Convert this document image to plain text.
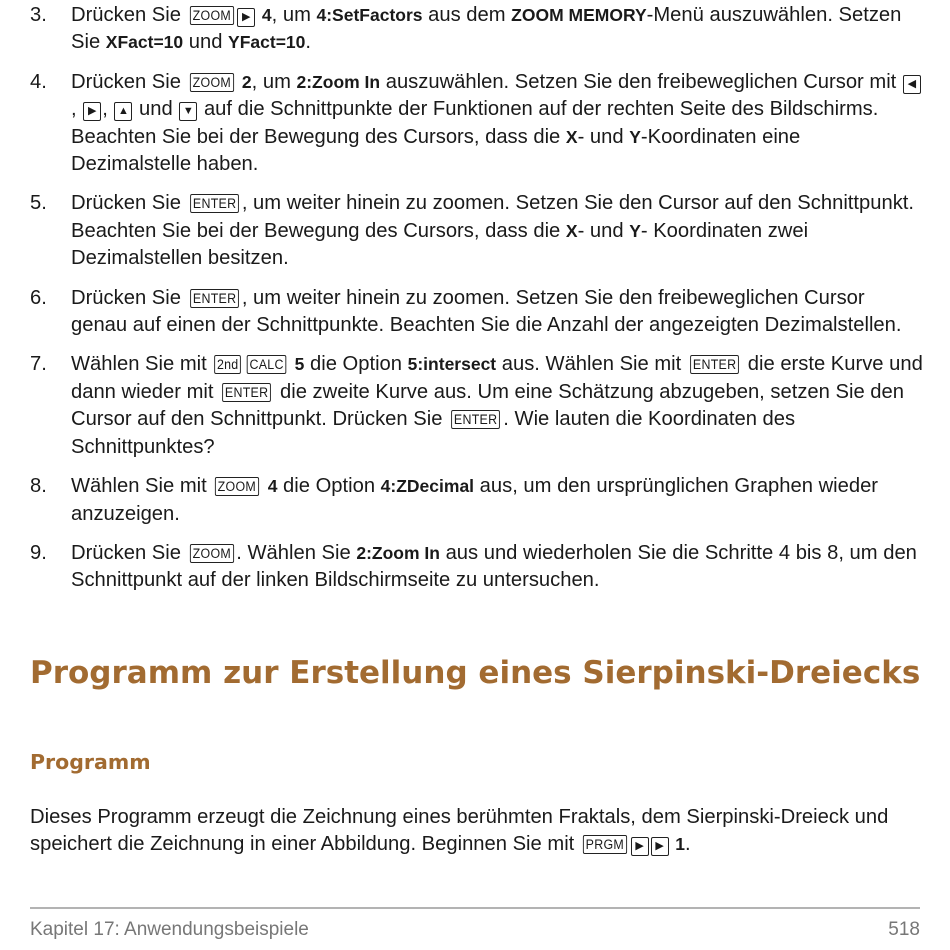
3. Drücken Sie ZOOM ▶ 4, um 4:SetFactors aus dem ZOOM MEMORY-Menü auszuwählen. Setzen Sie XFact=10 und YFact=10.
4. Drücken Sie ZOOM 2, um 2:Zoom In auszuwählen. Setzen Sie den freibeweglichen Cursor mit ◀, ▶ , ▲ und ▼ auf die Schnittpunkte der Funktionen auf der rechten Seite des Bildschirms. Beachten Sie bei der Bewegung des Cursors, dass die X- und Y-Koordinaten eine Dezimalstelle haben.
5. Drücken Sie ENTER , um weiter hinein zu zoomen. Setzen Sie den Cursor auf den Schnittpunkt. Beachten Sie bei der Bewegung des Cursors, dass die X- und Y- Koordinaten zwei Dezimalstellen besitzen.
6. Drücken Sie ENTER , um weiter hinein zu zoomen. Setzen Sie den freibeweglichen Cursor genau auf einen der Schnittpunkte. Beachten Sie die Anzahl der angezeigten Dezimalstellen.
7. Wählen Sie mit 2nd CALC 5 die Option 5:intersect aus. Wählen Sie mit ENTER die erste Kurve und dann wieder mit ENTER die zweite Kurve aus. Um eine Schätzung abzugeben, setzen Sie den Cursor auf den Schnittpunkt. Drücken Sie ENTER . Wie lauten die Koordinaten des Schnittpunktes?
8. Wählen Sie mit ZOOM 4 die Option 4:ZDecimal aus, um den ursprünglichen Graphen wieder anzuzeigen.
9. Drücken Sie ZOOM . Wählen Sie 2:Zoom In aus und wiederholen Sie die Schritte 4 bis 8, um den Schnittpunkt auf der linken Bildschirmseite zu untersuchen.
Programm zur Erstellung eines Sierpinski-Dreiecks
Programm
Dieses Programm erzeugt die Zeichnung eines berühmten Fraktals, dem Sierpinski-Dreieck und speichert die Zeichnung in einer Abbildung. Beginnen Sie mit PRGM ▶ ▶ 1.
Kapitel 17: Anwendungsbeispiele	518
